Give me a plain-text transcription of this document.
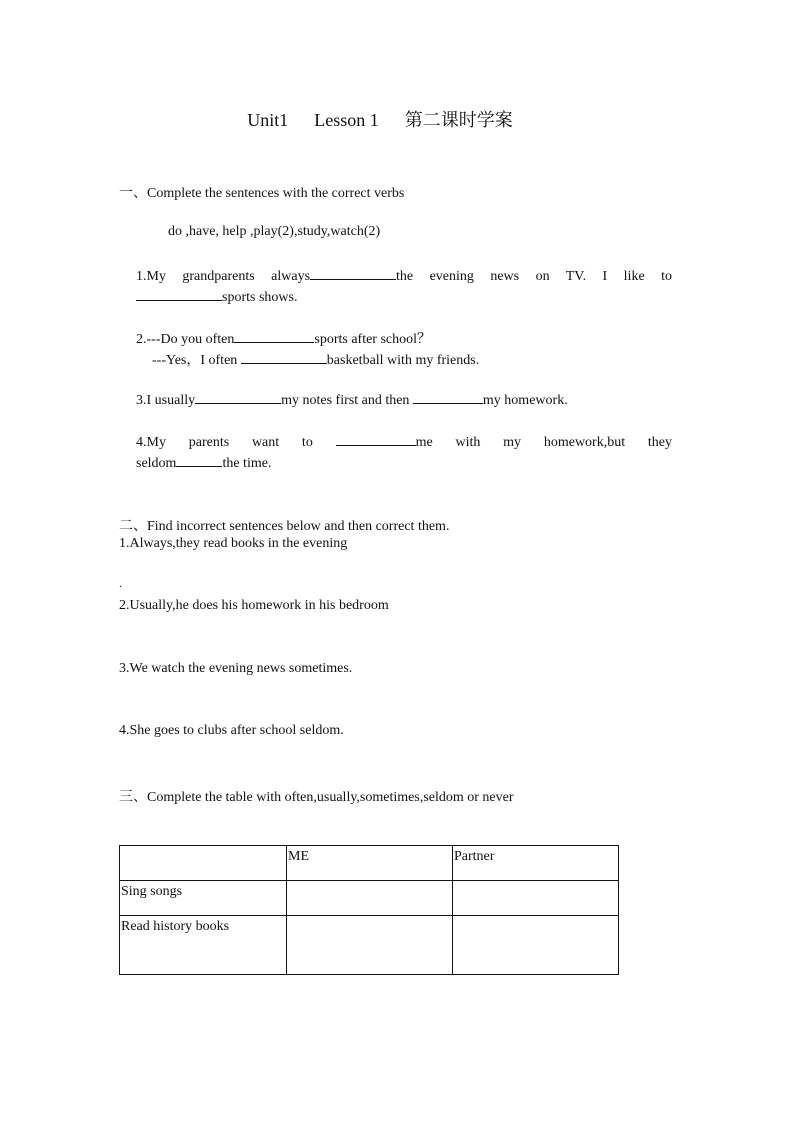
Unit1 Lesson 1 第二课时学案
一、Complete the sentences with the correct verbs
do ,have, help ,play(2),study,watch(2)
1.My grandparents always	the evening news on TV. I like to
sports shows.
2.---Do you often	sports after school？
---Yes，I often	basketball with my friends.
3.I usually	my notes first and then	my homework.
4.My parents want to	me with my homework,but they
seldom	the time.
二、Find incorrect sentences below and then correct them.
1.Always,they read books in the evening
.
2.Usually,he does his homework in his bedroom
3.We watch the evening news sometimes.
4.She goes to clubs after school seldom.
三、Complete the table with often,usually,sometimes,seldom or never
	ME	Partner
Sing songs		
Read history books		
